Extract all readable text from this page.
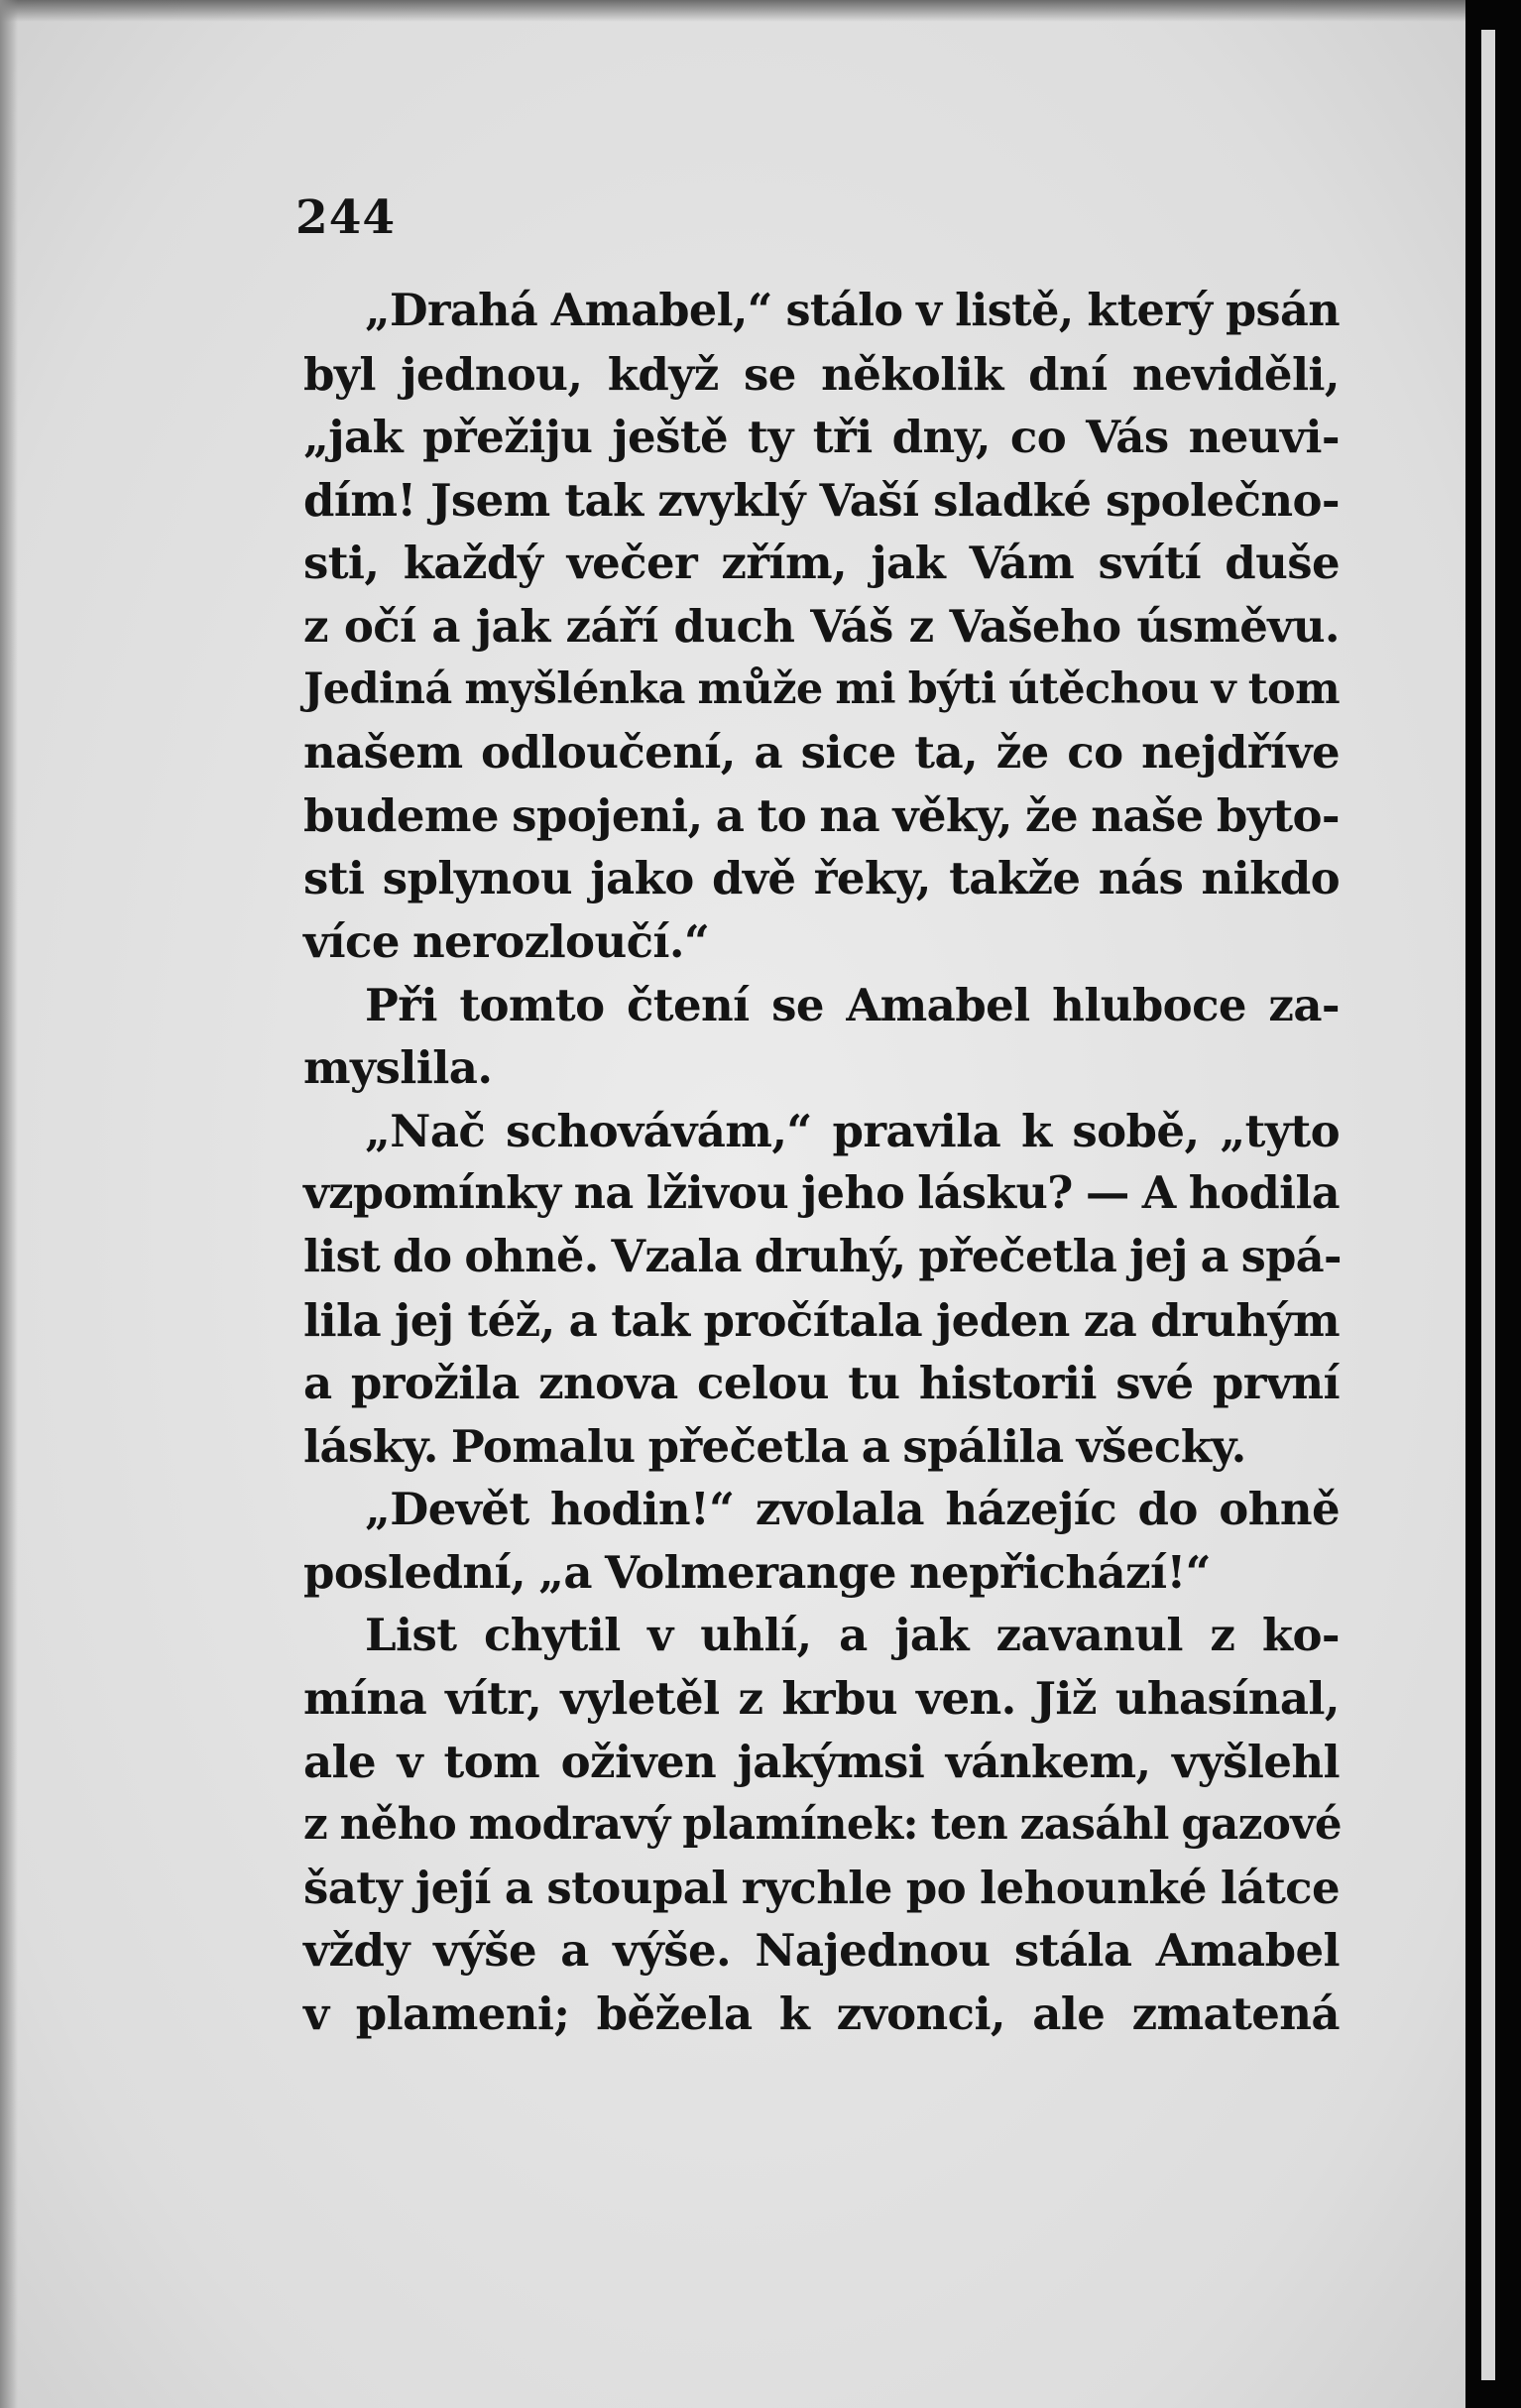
244
„Drahá Amabel,“ stálo v listě, který psán
byl jednou, když se několik dní neviděli,
„jak přežiju ještě ty tři dny, co Vás neuvi-
dím! Jsem tak zvyklý Vaší sladké společno-
sti, každý večer zřím, jak Vám svítí duše
z očí a jak září duch Váš z Vašeho úsměvu.
Jediná myšlénka může mi býti útěchou v tom
našem odloučení, a sice ta, že co nejdříve
budeme spojeni, a to na věky, že naše byto-
sti splynou jako dvě řeky, takže nás nikdo
více nerozloučí.“
Při tomto čtení se Amabel hluboce za-
myslila.
„Nač schovávám,“ pravila k sobě, „tyto
vzpomínky na lživou jeho lásku? — A hodila
list do ohně. Vzala druhý, přečetla jej a spá-
lila jej též, a tak pročítala jeden za druhým
a prožila znova celou tu historii své první
lásky. Pomalu přečetla a spálila všecky.
„Devět hodin!“ zvolala házejíc do ohně
poslední, „a Volmerange nepřichází!“
List chytil v uhlí, a jak zavanul z ko-
mína vítr, vyletěl z krbu ven. Již uhasínal,
ale v tom oživen jakýmsi vánkem, vyšlehl
z něho modravý plamínek: ten zasáhl gazové
šaty její a stoupal rychle po lehounké látce
vždy výše a výše. Najednou stála Amabel
v plameni; běžela k zvonci, ale zmatená
